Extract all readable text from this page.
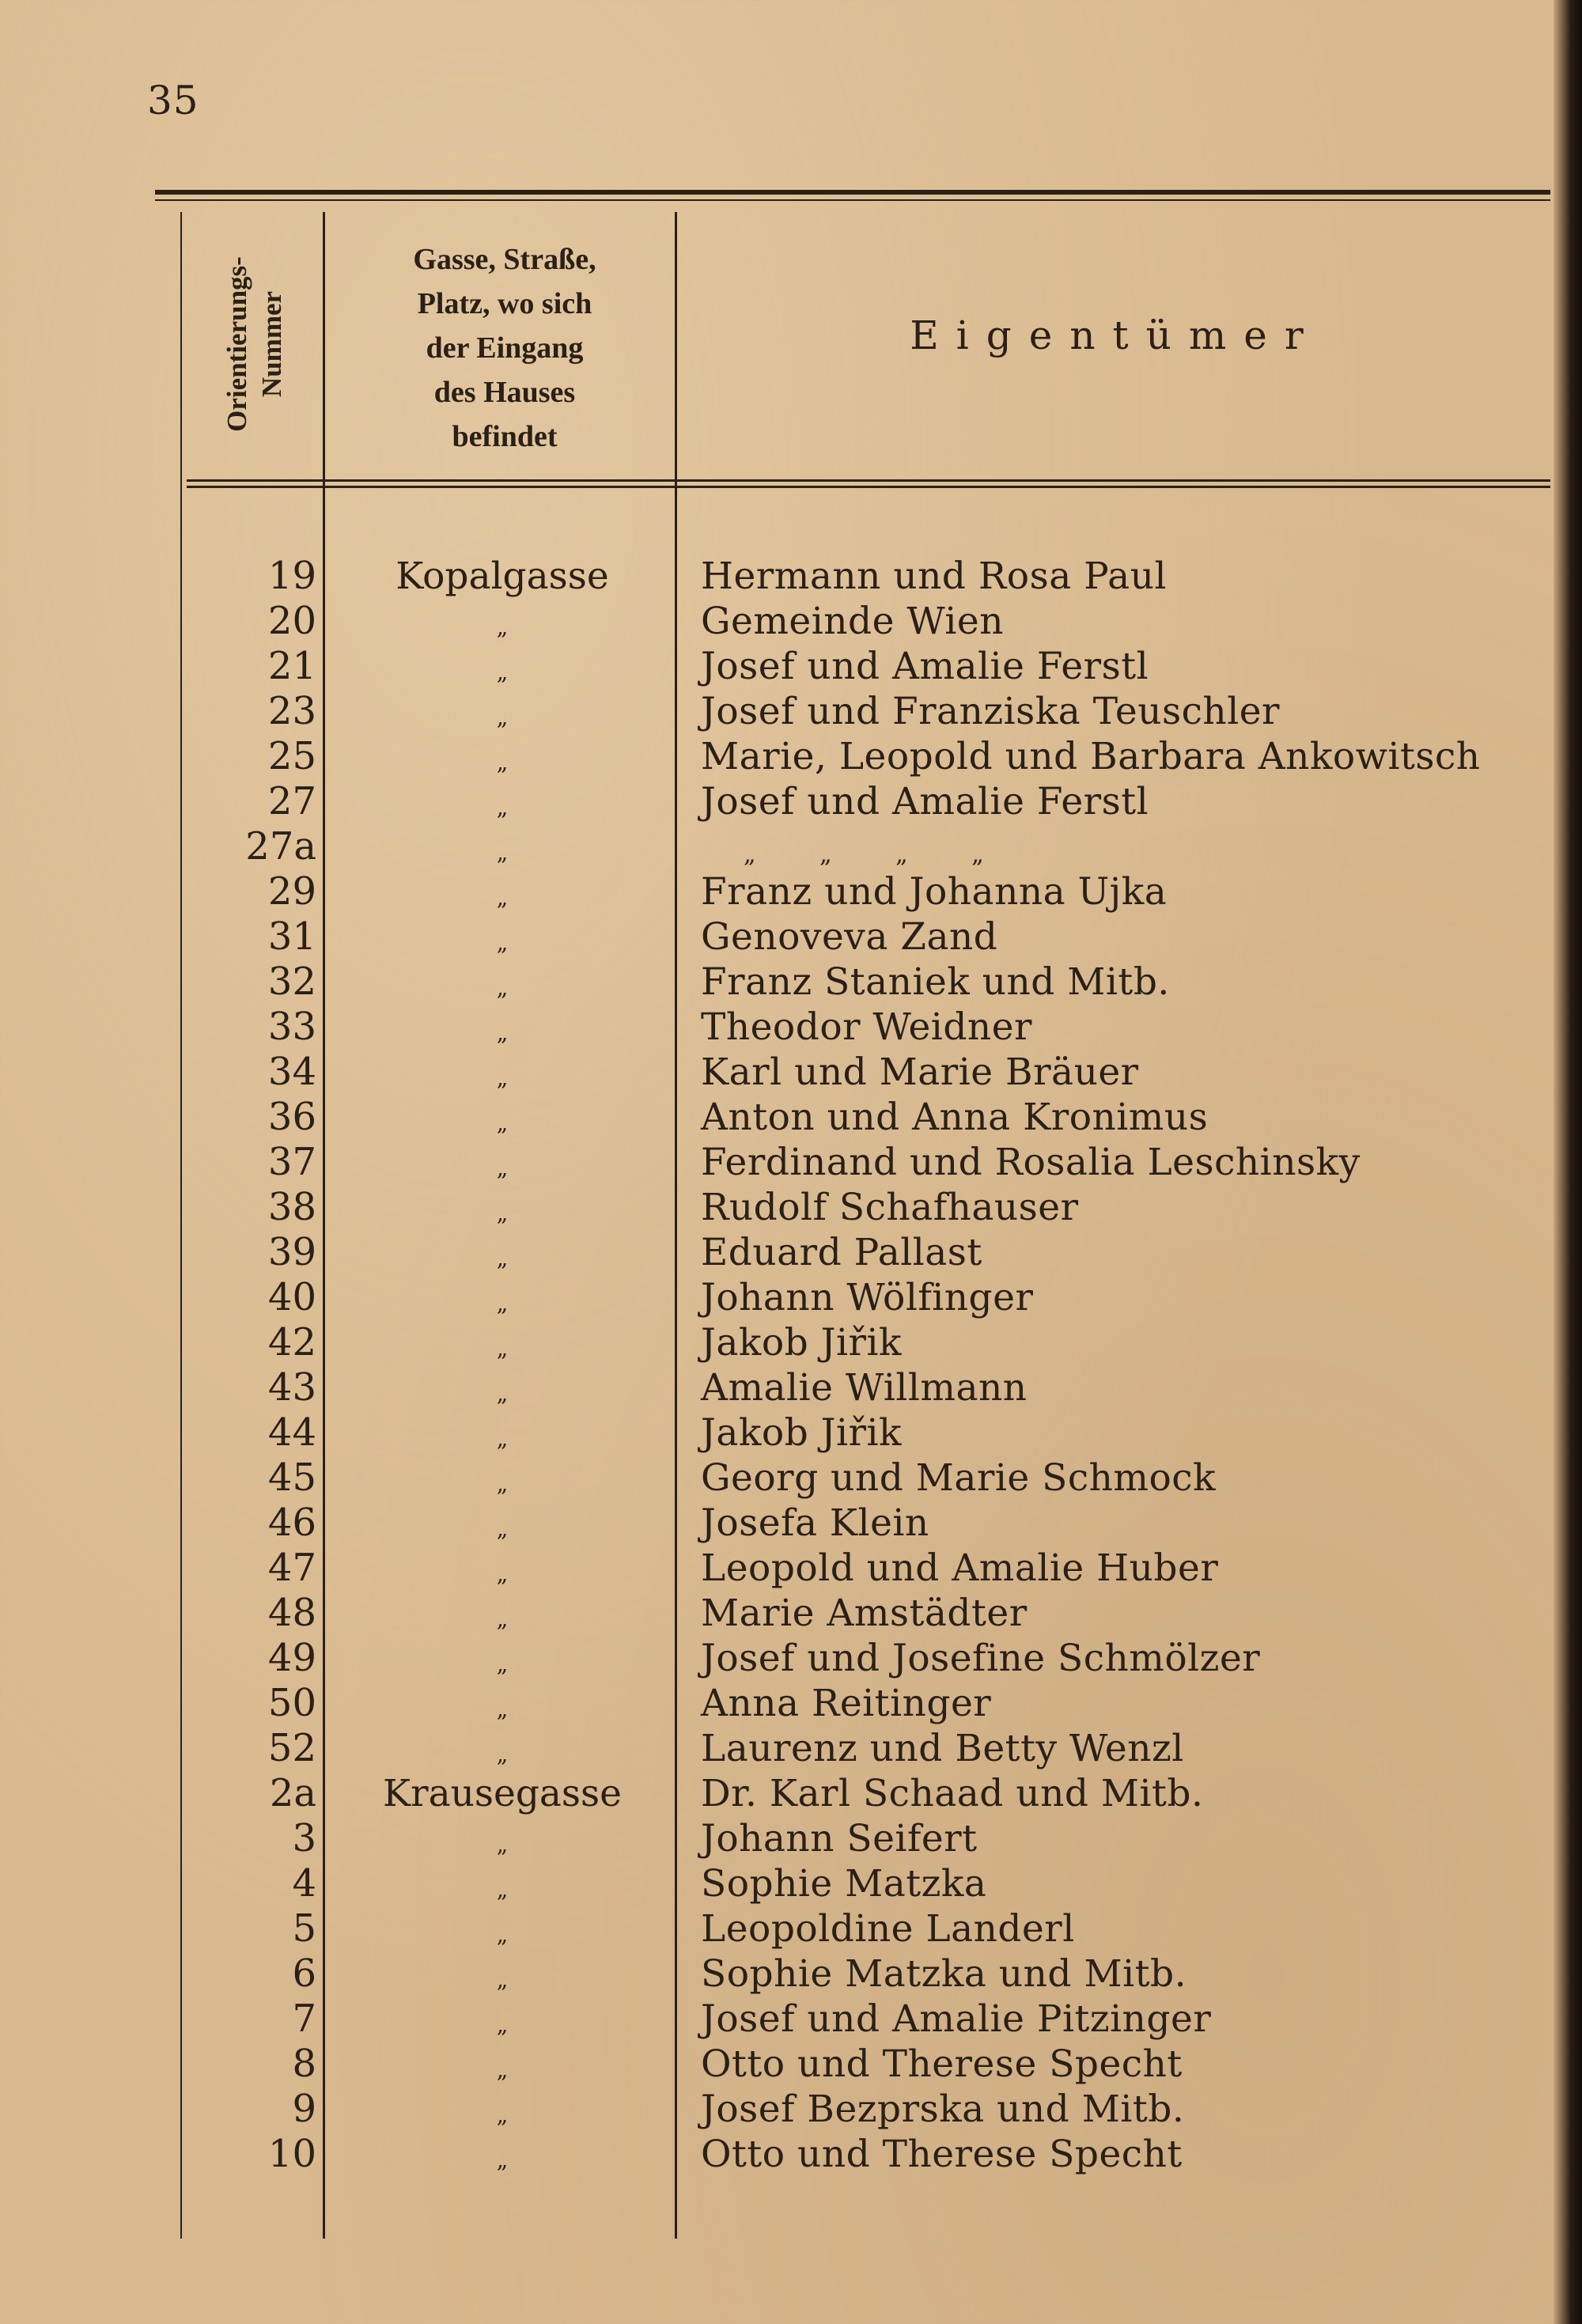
35
Orientierungs-
Nummer
Gasse, Straße,
Platz, wo sich
der Eingang
des Hauses
befindet
Eigentümer
19	Kopalgasse	Hermann und Rosa Paul
20	„	Gemeinde Wien
21	„	Josef und Amalie Ferstl
23	„	Josef und Franziska Teuschler
25	„	Marie, Leopold und Barbara Ankowitsch
27	„	Josef und Amalie Ferstl
27a	„	„ „ „ „
29	„	Franz und Johanna Ujka
31	„	Genoveva Zand
32	„	Franz Staniek und Mitb.
33	„	Theodor Weidner
34	„	Karl und Marie Bräuer
36	„	Anton und Anna Kronimus
37	„	Ferdinand und Rosalia Leschinsky
38	„	Rudolf Schafhauser
39	„	Eduard Pallast
40	„	Johann Wölfinger
42	„	Jakob Jiřik
43	„	Amalie Willmann
44	„	Jakob Jiřik
45	„	Georg und Marie Schmock
46	„	Josefa Klein
47	„	Leopold und Amalie Huber
48	„	Marie Amstädter
49	„	Josef und Josefine Schmölzer
50	„	Anna Reitinger
52	„	Laurenz und Betty Wenzl
2a	Krausegasse	Dr. Karl Schaad und Mitb.
3	„	Johann Seifert
4	„	Sophie Matzka
5	„	Leopoldine Landerl
6	„	Sophie Matzka und Mitb.
7	„	Josef und Amalie Pitzinger
8	„	Otto und Therese Specht
9	„	Josef Bezprska und Mitb.
10	„	Otto und Therese Specht
